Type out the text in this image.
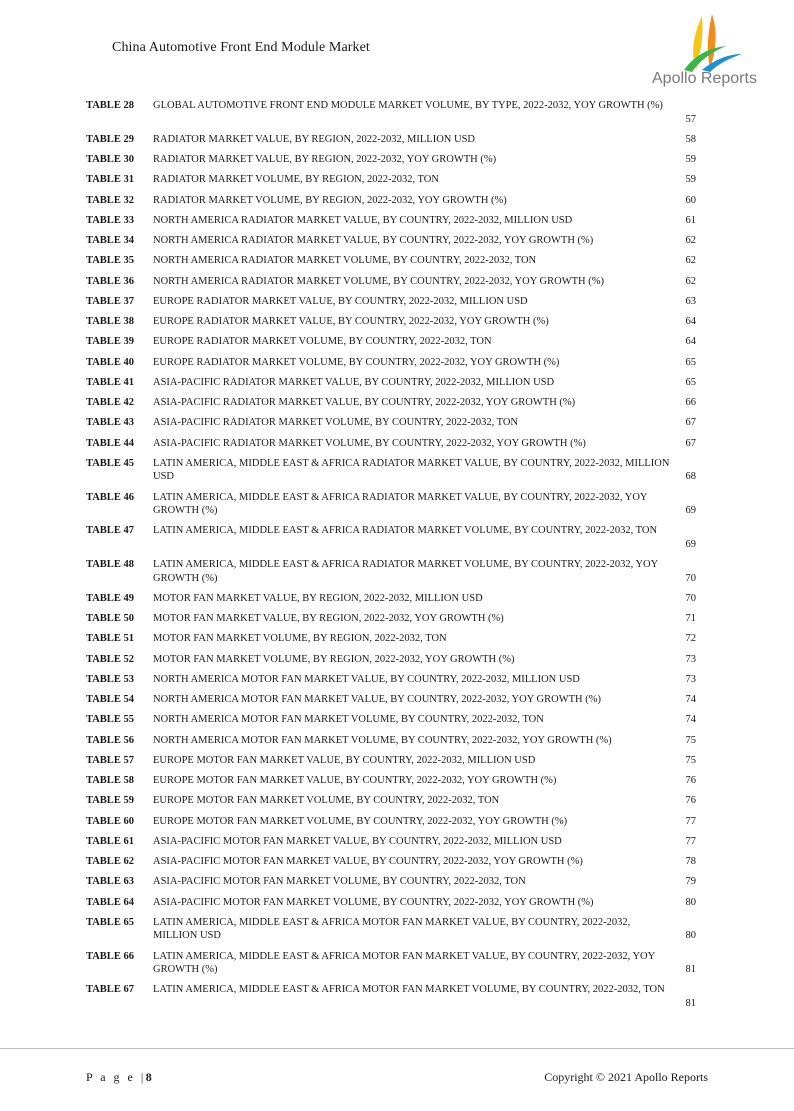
China Automotive Front End Module Market
Apollo Reports
TABLE 28 GLOBAL AUTOMOTIVE FRONT END MODULE MARKET VOLUME, BY TYPE, 2022-2032, YOY GROWTH (%)
57
TABLE 29 RADIATOR MARKET VALUE, BY REGION, 2022-2032, MILLION USD	58
TABLE 30 RADIATOR MARKET VALUE, BY REGION, 2022-2032, YOY GROWTH (%)	59
TABLE 31 RADIATOR MARKET VOLUME, BY REGION, 2022-2032, TON	59
TABLE 32 RADIATOR MARKET VOLUME, BY REGION, 2022-2032, YOY GROWTH (%)	60
TABLE 33 NORTH AMERICA RADIATOR MARKET VALUE, BY COUNTRY, 2022-2032, MILLION USD	61
TABLE 34 NORTH AMERICA RADIATOR MARKET VALUE, BY COUNTRY, 2022-2032, YOY GROWTH (%)	62
TABLE 35 NORTH AMERICA RADIATOR MARKET VOLUME, BY COUNTRY, 2022-2032, TON	62
TABLE 36 NORTH AMERICA RADIATOR MARKET VOLUME, BY COUNTRY, 2022-2032, YOY GROWTH (%)	62
TABLE 37 EUROPE RADIATOR MARKET VALUE, BY COUNTRY, 2022-2032, MILLION USD	63
TABLE 38 EUROPE RADIATOR MARKET VALUE, BY COUNTRY, 2022-2032, YOY GROWTH (%)	64
TABLE 39 EUROPE RADIATOR MARKET VOLUME, BY COUNTRY, 2022-2032, TON	64
TABLE 40 EUROPE RADIATOR MARKET VOLUME, BY COUNTRY, 2022-2032, YOY GROWTH (%)	65
TABLE 41 ASIA-PACIFIC RADIATOR MARKET VALUE, BY COUNTRY, 2022-2032, MILLION USD	65
TABLE 42 ASIA-PACIFIC RADIATOR MARKET VALUE, BY COUNTRY, 2022-2032, YOY GROWTH (%)	66
TABLE 43 ASIA-PACIFIC RADIATOR MARKET VOLUME, BY COUNTRY, 2022-2032, TON	67
TABLE 44 ASIA-PACIFIC RADIATOR MARKET VOLUME, BY COUNTRY, 2022-2032, YOY GROWTH (%)	67
TABLE 45 LATIN AMERICA, MIDDLE EAST & AFRICA RADIATOR MARKET VALUE, BY COUNTRY, 2022-2032, MILLION USD	68
TABLE 46 LATIN AMERICA, MIDDLE EAST & AFRICA RADIATOR MARKET VALUE, BY COUNTRY, 2022-2032, YOY GROWTH (%)	69
TABLE 47 LATIN AMERICA, MIDDLE EAST & AFRICA RADIATOR MARKET VOLUME, BY COUNTRY, 2022-2032, TON
69
TABLE 48 LATIN AMERICA, MIDDLE EAST & AFRICA RADIATOR MARKET VOLUME, BY COUNTRY, 2022-2032, YOY GROWTH (%)	70
TABLE 49 MOTOR FAN MARKET VALUE, BY REGION, 2022-2032, MILLION USD	70
TABLE 50 MOTOR FAN MARKET VALUE, BY REGION, 2022-2032, YOY GROWTH (%)	71
TABLE 51 MOTOR FAN MARKET VOLUME, BY REGION, 2022-2032, TON	72
TABLE 52 MOTOR FAN MARKET VOLUME, BY REGION, 2022-2032, YOY GROWTH (%)	73
TABLE 53 NORTH AMERICA MOTOR FAN MARKET VALUE, BY COUNTRY, 2022-2032, MILLION USD	73
TABLE 54 NORTH AMERICA MOTOR FAN MARKET VALUE, BY COUNTRY, 2022-2032, YOY GROWTH (%)	74
TABLE 55 NORTH AMERICA MOTOR FAN MARKET VOLUME, BY COUNTRY, 2022-2032, TON	74
TABLE 56 NORTH AMERICA MOTOR FAN MARKET VOLUME, BY COUNTRY, 2022-2032, YOY GROWTH (%)	75
TABLE 57 EUROPE MOTOR FAN MARKET VALUE, BY COUNTRY, 2022-2032, MILLION USD	75
TABLE 58 EUROPE MOTOR FAN MARKET VALUE, BY COUNTRY, 2022-2032, YOY GROWTH (%)	76
TABLE 59 EUROPE MOTOR FAN MARKET VOLUME, BY COUNTRY, 2022-2032, TON	76
TABLE 60 EUROPE MOTOR FAN MARKET VOLUME, BY COUNTRY, 2022-2032, YOY GROWTH (%)	77
TABLE 61 ASIA-PACIFIC MOTOR FAN MARKET VALUE, BY COUNTRY, 2022-2032, MILLION USD	77
TABLE 62 ASIA-PACIFIC MOTOR FAN MARKET VALUE, BY COUNTRY, 2022-2032, YOY GROWTH (%)	78
TABLE 63 ASIA-PACIFIC MOTOR FAN MARKET VOLUME, BY COUNTRY, 2022-2032, TON	79
TABLE 64 ASIA-PACIFIC MOTOR FAN MARKET VOLUME, BY COUNTRY, 2022-2032, YOY GROWTH (%)	80
TABLE 65 LATIN AMERICA, MIDDLE EAST & AFRICA MOTOR FAN MARKET VALUE, BY COUNTRY, 2022-2032, MILLION USD	80
TABLE 66 LATIN AMERICA, MIDDLE EAST & AFRICA MOTOR FAN MARKET VALUE, BY COUNTRY, 2022-2032, YOY GROWTH (%)	81
TABLE 67 LATIN AMERICA, MIDDLE EAST & AFRICA MOTOR FAN MARKET VOLUME, BY COUNTRY, 2022-2032, TON
81
P a g e |8	Copyright © 2021 Apollo Reports
